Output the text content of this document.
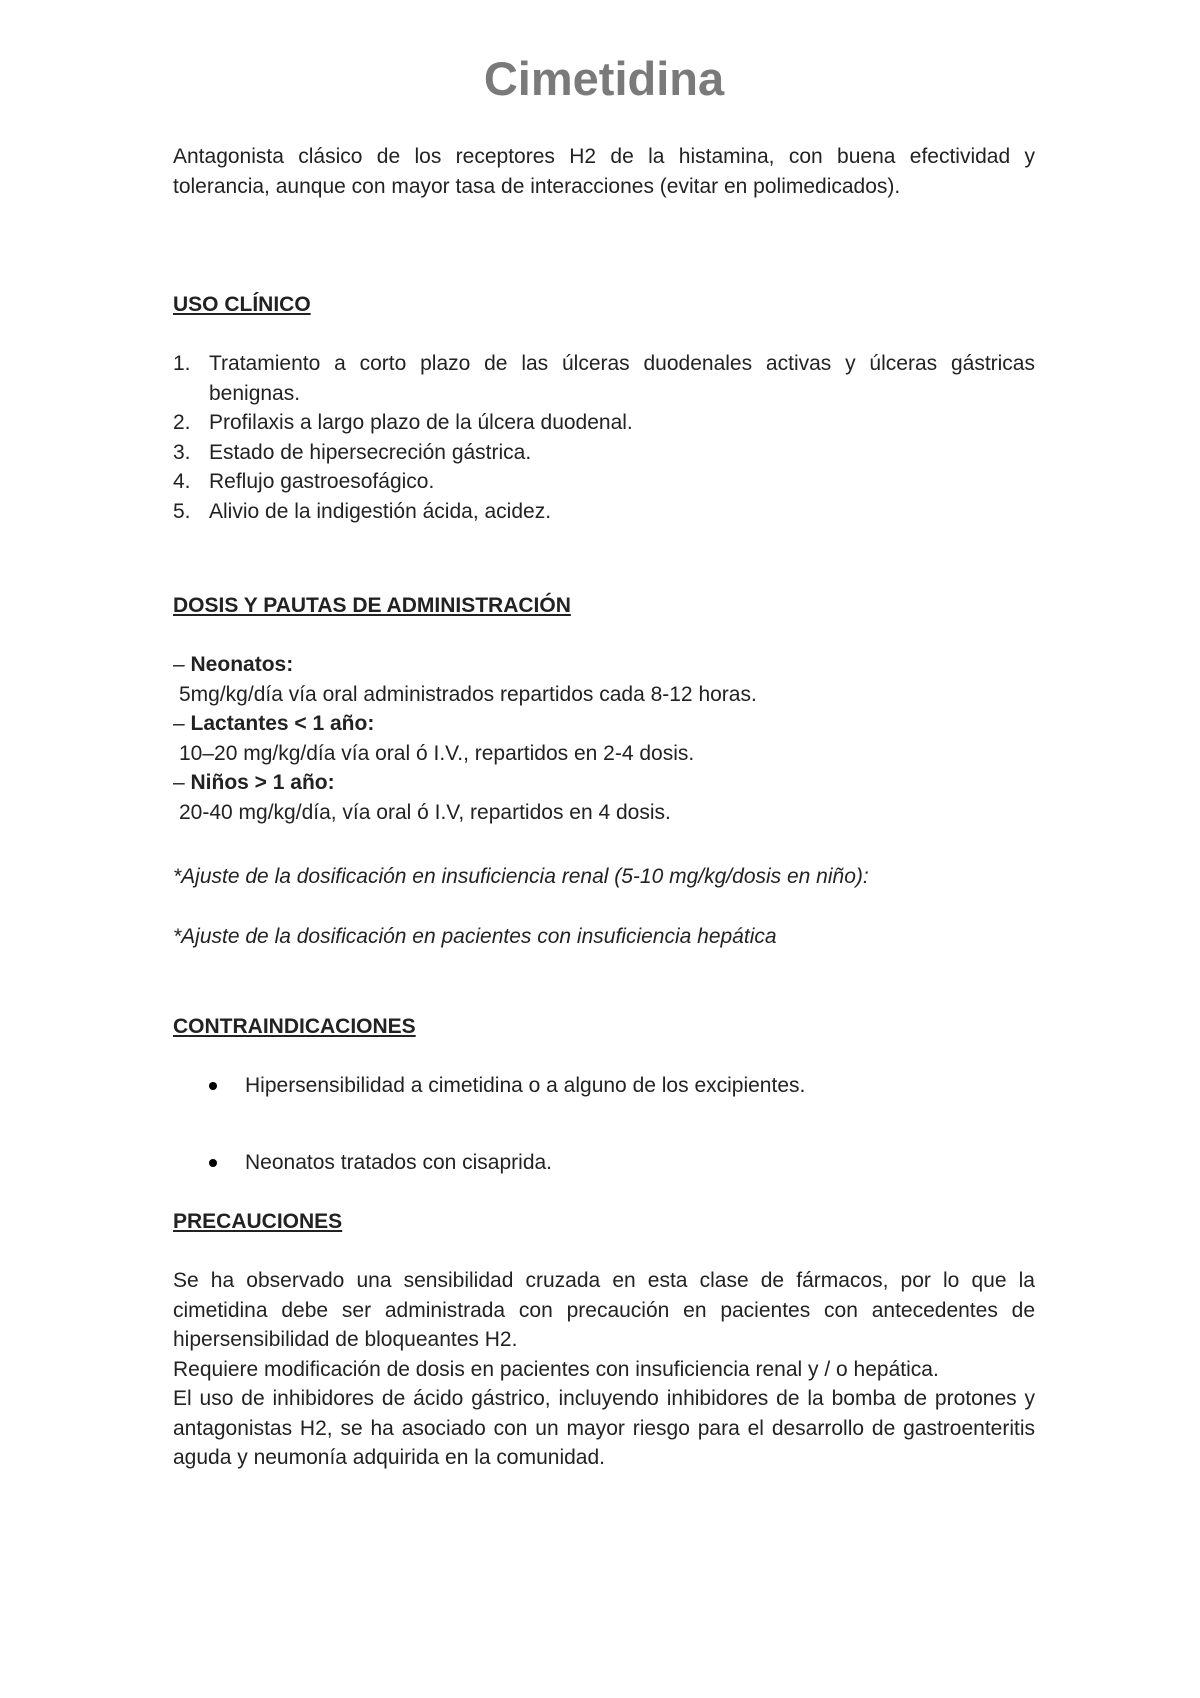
Cimetidina

Antagonista clásico de los receptores H2 de la histamina, con buena efectividad y tolerancia, aunque con mayor tasa de interacciones (evitar en polimedicados).

USO CLÍNICO

1. Tratamiento a corto plazo de las úlceras duodenales activas y úlceras gástricas benignas.
2. Profilaxis a largo plazo de la úlcera duodenal.
3. Estado de hipersecreción gástrica.
4. Reflujo gastroesofágico.
5. Alivio de la indigestión ácida, acidez.

DOSIS Y PAUTAS DE ADMINISTRACIÓN

– Neonatos:
5mg/kg/día vía oral administrados repartidos cada 8-12 horas.
– Lactantes < 1 año:
10–20 mg/kg/día vía oral ó I.V., repartidos en 2-4 dosis.
– Niños > 1 año:
20-40 mg/kg/día, vía oral ó I.V, repartidos en 4 dosis.

*Ajuste de la dosificación en insuficiencia renal (5-10 mg/kg/dosis en niño):

*Ajuste de la dosificación en pacientes con insuficiencia hepática

CONTRAINDICACIONES

Hipersensibilidad a cimetidina o a alguno de los excipientes.
Neonatos tratados con cisaprida.

PRECAUCIONES

Se ha observado una sensibilidad cruzada en esta clase de fármacos, por lo que la cimetidina debe ser administrada con precaución en pacientes con antecedentes de hipersensibilidad de bloqueantes H2.

Requiere modificación de dosis en pacientes con insuficiencia renal y / o hepática.

El uso de inhibidores de ácido gástrico, incluyendo inhibidores de la bomba de protones y antagonistas H2, se ha asociado con un mayor riesgo para el desarrollo de gastroenteritis aguda y neumonía adquirida en la comunidad.
